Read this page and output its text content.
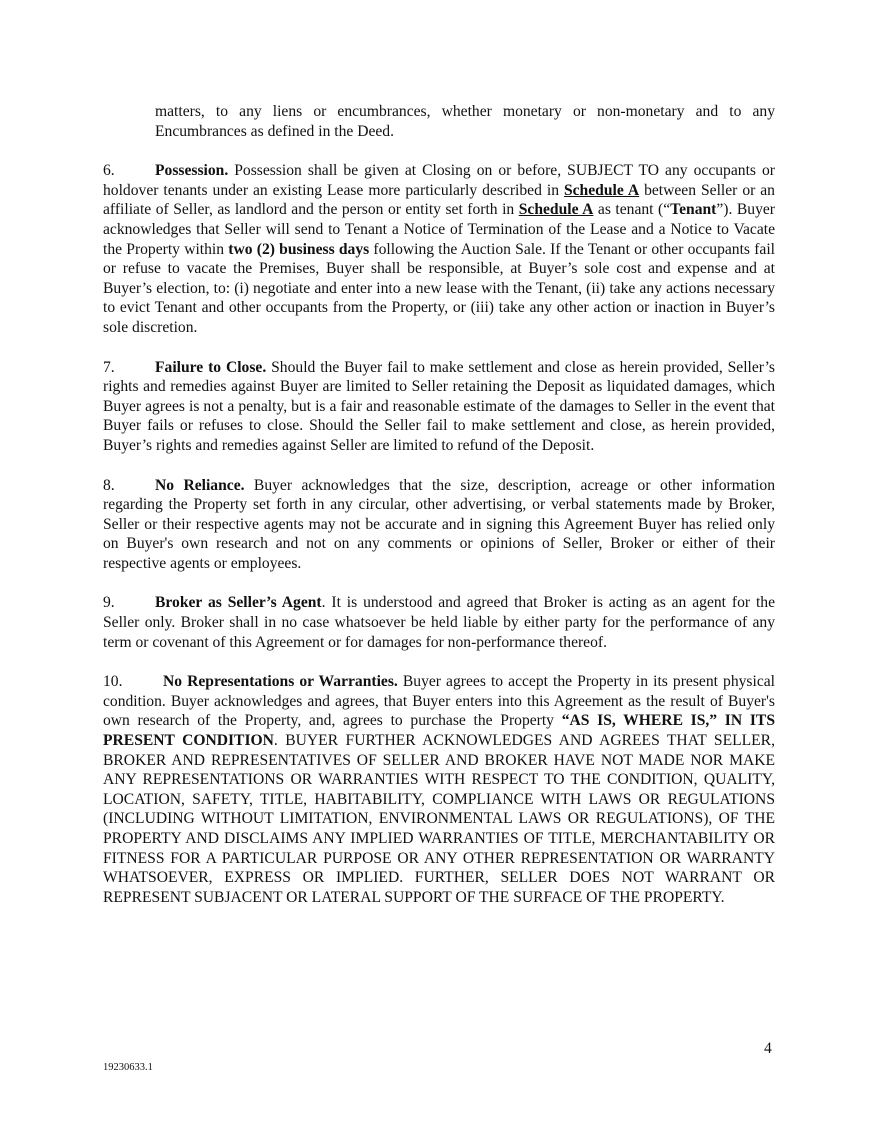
matters, to any liens or encumbrances, whether monetary or non-monetary and to any Encumbrances as defined in the Deed.

6.	Possession. Possession shall be given at Closing on or before, SUBJECT TO any occupants or holdover tenants under an existing Lease more particularly described in Schedule A between Seller or an affiliate of Seller, as landlord and the person or entity set forth in Schedule A as tenant (“Tenant”). Buyer acknowledges that Seller will send to Tenant a Notice of Termination of the Lease and a Notice to Vacate the Property within two (2) business days following the Auction Sale. If the Tenant or other occupants fail or refuse to vacate the Premises, Buyer shall be responsible, at Buyer’s sole cost and expense and at Buyer’s election, to: (i) negotiate and enter into a new lease with the Tenant, (ii) take any actions necessary to evict Tenant and other occupants from the Property, or (iii) take any other action or inaction in Buyer’s sole discretion.

7.	Failure to Close. Should the Buyer fail to make settlement and close as herein provided, Seller’s rights and remedies against Buyer are limited to Seller retaining the Deposit as liquidated damages, which Buyer agrees is not a penalty, but is a fair and reasonable estimate of the damages to Seller in the event that Buyer fails or refuses to close. Should the Seller fail to make settlement and close, as herein provided, Buyer’s rights and remedies against Seller are limited to refund of the Deposit.

8.	No Reliance. Buyer acknowledges that the size, description, acreage or other information regarding the Property set forth in any circular, other advertising, or verbal statements made by Broker, Seller or their respective agents may not be accurate and in signing this Agreement Buyer has relied only on Buyer's own research and not on any comments or opinions of Seller, Broker or either of their respective agents or employees.

9.	Broker as Seller’s Agent. It is understood and agreed that Broker is acting as an agent for the Seller only. Broker shall in no case whatsoever be held liable by either party for the performance of any term or covenant of this Agreement or for damages for non-performance thereof.

10.	No Representations or Warranties. Buyer agrees to accept the Property in its present physical condition. Buyer acknowledges and agrees, that Buyer enters into this Agreement as the result of Buyer's own research of the Property, and, agrees to purchase the Property “AS IS, WHERE IS,” IN ITS PRESENT CONDITION. BUYER FURTHER ACKNOWLEDGES AND AGREES THAT SELLER, BROKER AND REPRESENTATIVES OF SELLER AND BROKER HAVE NOT MADE NOR MAKE ANY REPRESENTATIONS OR WARRANTIES WITH RESPECT TO THE CONDITION, QUALITY, LOCATION, SAFETY, TITLE, HABITABILITY, COMPLIANCE WITH LAWS OR REGULATIONS (INCLUDING WITHOUT LIMITATION, ENVIRONMENTAL LAWS OR REGULATIONS), OF THE PROPERTY AND DISCLAIMS ANY IMPLIED WARRANTIES OF TITLE, MERCHANTABILITY OR FITNESS FOR A PARTICULAR PURPOSE OR ANY OTHER REPRESENTATION OR WARRANTY WHATSOEVER, EXPRESS OR IMPLIED. FURTHER, SELLER DOES NOT WARRANT OR REPRESENT SUBJACENT OR LATERAL SUPPORT OF THE SURFACE OF THE PROPERTY.

4
19230633.1
